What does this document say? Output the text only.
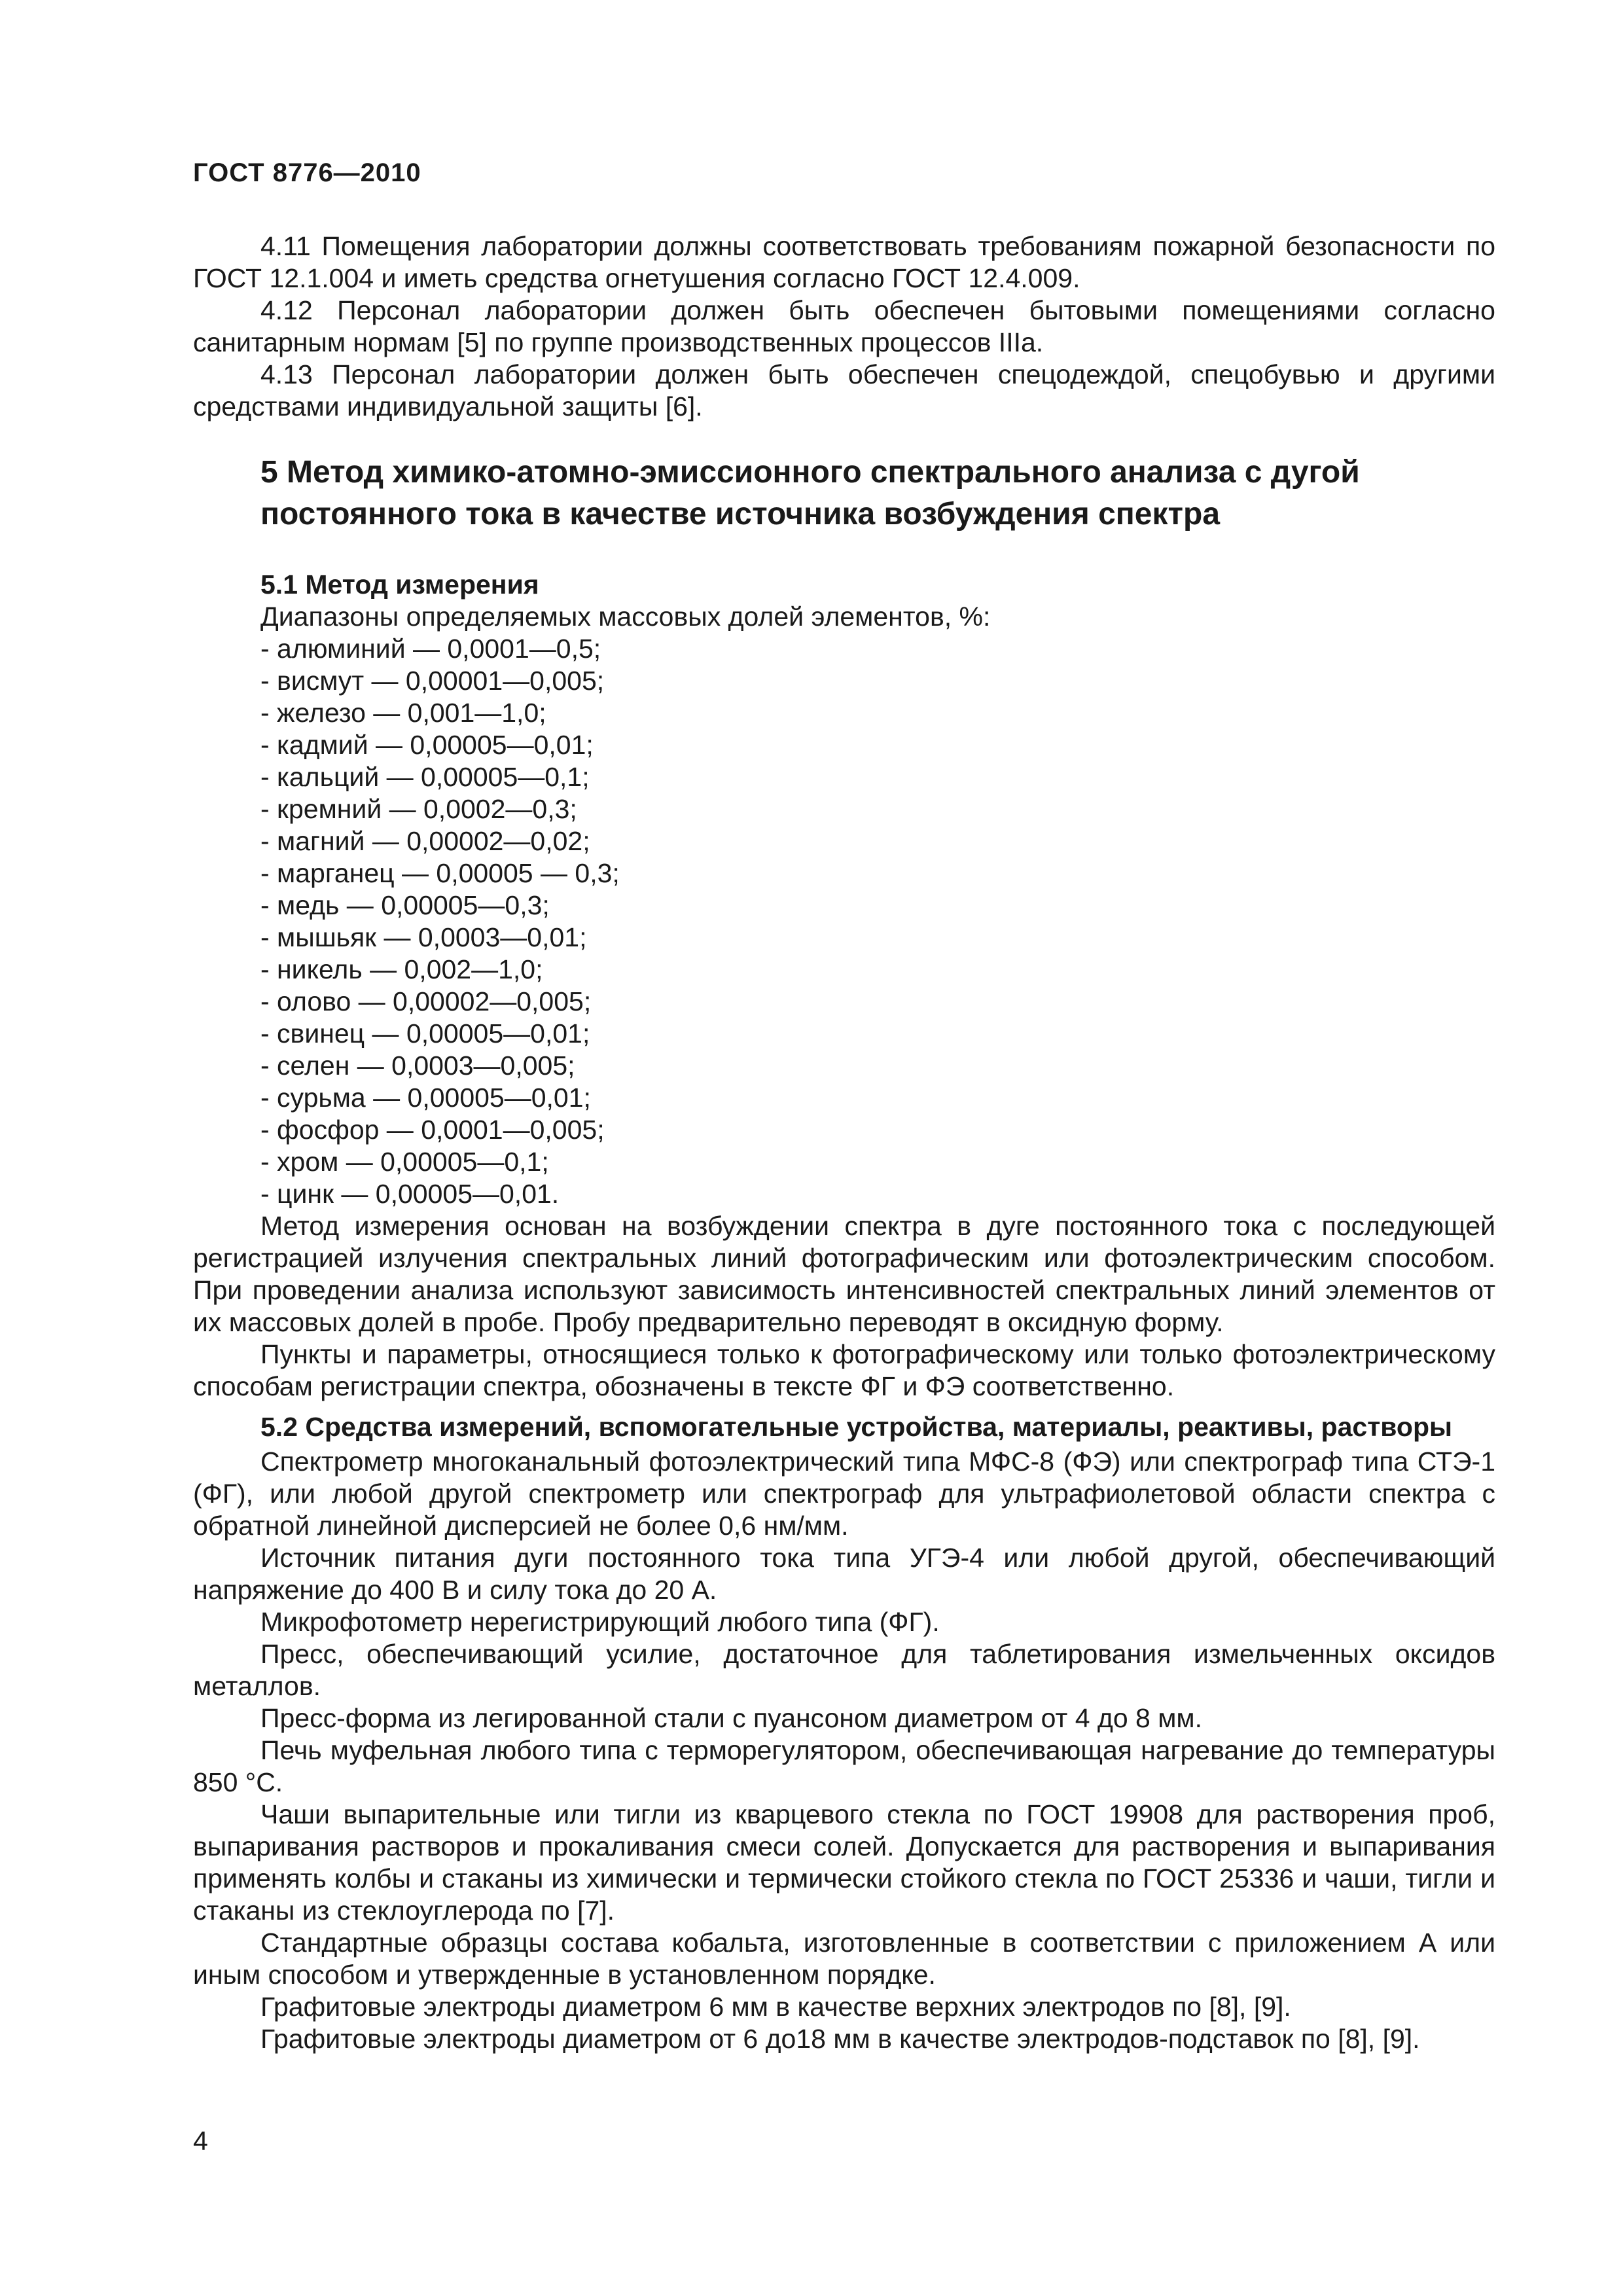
ГОСТ 8776—2010

4.11 Помещения лаборатории должны соответствовать требованиям пожарной безопасности по ГОСТ 12.1.004 и иметь средства огнетушения согласно ГОСТ 12.4.009.

4.12 Персонал лаборатории должен быть обеспечен бытовыми помещениями согласно санитарным нормам [5] по группе производственных процессов IIIa.

4.13 Персонал лаборатории должен быть обеспечен спецодеждой, спецобувью и другими средствами индивидуальной защиты [6].

5 Метод химико-атомно-эмиссионного спектрального анализа с дугой постоянного тока в качестве источника возбуждения спектра
5.1 Метод измерения
Диапазоны определяемых массовых долей элементов, %:
- алюминий — 0,0001—0,5;
- висмут — 0,00001—0,005;
- железо — 0,001—1,0;
- кадмий — 0,00005—0,01;
- кальций — 0,00005—0,1;
- кремний — 0,0002—0,3;
- магний — 0,00002—0,02;
- марганец — 0,00005 — 0,3;
- медь — 0,00005—0,3;
- мышьяк — 0,0003—0,01;
- никель — 0,002—1,0;
- олово — 0,00002—0,005;
- свинец — 0,00005—0,01;
- селен — 0,0003—0,005;
- сурьма — 0,00005—0,01;
- фосфор — 0,0001—0,005;
- хром — 0,00005—0,1;
- цинк — 0,00005—0,01.

Метод измерения основан на возбуждении спектра в дуге постоянного тока с последующей регистрацией излучения спектральных линий фотографическим или фотоэлектрическим способом. При проведении анализа используют зависимость интенсивностей спектральных линий элементов от их массовых долей в пробе. Пробу предварительно переводят в оксидную форму.

Пункты и параметры, относящиеся только к фотографическому или только фотоэлектрическому способам регистрации спектра, обозначены в тексте ФГ и ФЭ соответственно.

5.2 Средства измерений, вспомогательные устройства, материалы, реактивы, растворы

Спектрометр многоканальный фотоэлектрический типа МФС-8 (ФЭ) или спектрограф типа СТЭ-1 (ФГ), или любой другой спектрометр или спектрограф для ультрафиолетовой области спектра с обратной линейной дисперсией не более 0,6 нм/мм.

Источник питания дуги постоянного тока типа УГЭ-4 или любой другой, обеспечивающий напряжение до 400 В и силу тока до 20 А.

Микрофотометр нерегистрирующий любого типа (ФГ).

Пресс, обеспечивающий усилие, достаточное для таблетирования измельченных оксидов металлов.

Пресс-форма из легированной стали с пуансоном диаметром от 4 до 8 мм.

Печь муфельная любого типа с терморегулятором, обеспечивающая нагревание до температуры 850 °С.

Чаши выпарительные или тигли из кварцевого стекла по ГОСТ 19908 для растворения проб, выпаривания растворов и прокаливания смеси солей. Допускается для растворения и выпаривания применять колбы и стаканы из химически и термически стойкого стекла по ГОСТ 25336 и чаши, тигли и стаканы из стеклоуглерода по [7].

Стандартные образцы состава кобальта, изготовленные в соответствии с приложением А или иным способом и утвержденные в установленном порядке.

Графитовые электроды диаметром 6 мм в качестве верхних электродов по [8], [9].

Графитовые электроды диаметром от 6 до18 мм в качестве электродов-подставок по [8], [9].

4
